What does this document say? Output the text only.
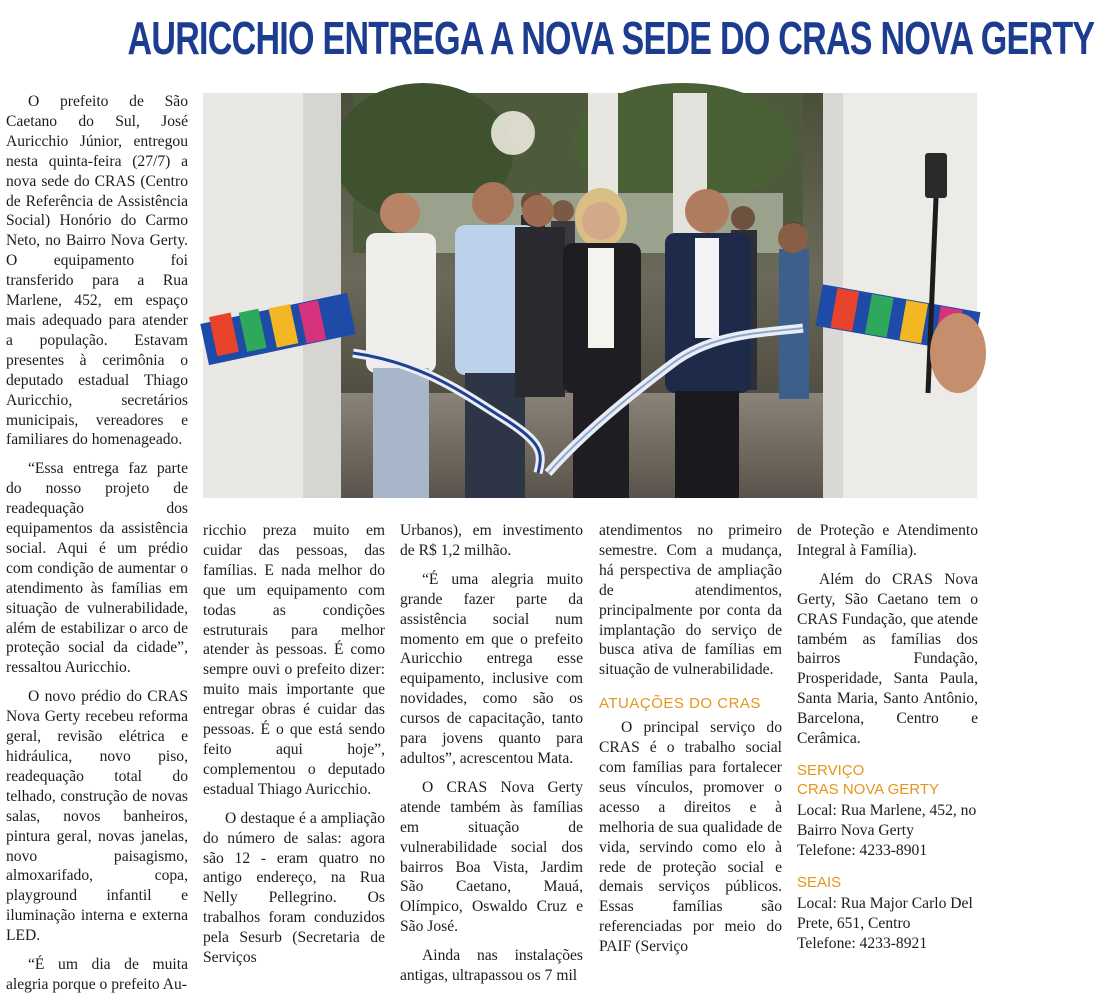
AURICCHIO ENTREGA A NOVA SEDE DO CRAS NOVA GERTY

O prefeito de São Caetano do Sul, José Auricchio Júnior, entregou nesta quinta-feira (27/7) a nova sede do CRAS (Centro de Referência de Assistência Social) Honório do Carmo Neto, no Bairro Nova Gerty. O equipamento foi transferido para a Rua Marlene, 452, em espaço mais adequado para atender a população. Estavam presentes à cerimônia o deputado estadual Thiago Auricchio, secretários municipais, vereadores e familiares do homenageado.

“Essa entrega faz parte do nosso projeto de readequação dos equipamentos da assistência social. Aqui é um prédio com condição de aumentar o atendimento às famílias em situação de vulnerabilidade, além de estabilizar o arco de proteção social da cidade”, ressaltou Auricchio.

O novo prédio do CRAS Nova Gerty recebeu reforma geral, revisão elétrica e hidráulica, novo piso, readequação total do telhado, construção de novas salas, novos banheiros, pintura geral, novas janelas, novo paisagismo, almoxarifado, copa, playground infantil e iluminação interna e externa LED.

“É um dia de muita alegria porque o prefeito Au-

ricchio preza muito em cuidar das pessoas, das famílias. E nada melhor do que um equipamento com todas as condições estruturais para melhor atender às pessoas. É como sempre ouvi o prefeito dizer: muito mais importante que entregar obras é cuidar das pessoas. É o que está sendo feito aqui hoje”, complementou o deputado estadual Thiago Auricchio.

O destaque é a ampliação do número de salas: agora são 12 - eram quatro no antigo endereço, na Rua Nelly Pellegrino. Os trabalhos foram conduzidos pela Sesurb (Secretaria de Serviços

Urbanos), em investimento de R$ 1,2 milhão.

“É uma alegria muito grande fazer parte da assistência social num momento em que o prefeito Auricchio entrega esse equipamento, inclusive com novidades, como são os cursos de capacitação, tanto para jovens quanto para adultos”, acrescentou Mata.

O CRAS Nova Gerty atende também às famílias em situação de vulnerabilidade social dos bairros Boa Vista, Jardim São Caetano, Mauá, Olímpico, Oswaldo Cruz e São José.

Ainda nas instalações antigas, ultrapassou os 7 mil

atendimentos no primeiro semestre. Com a mudança, há perspectiva de ampliação de atendimentos, principalmente por conta da implantação do serviço de busca ativa de famílias em situação de vulnerabilidade.

ATUAÇÕES DO CRAS

O principal serviço do CRAS é o trabalho social com famílias para fortalecer seus vínculos, promover o acesso a direitos e à melhoria de sua qualidade de vida, servindo como elo à rede de proteção social e demais serviços públicos. Essas famílias são referenciadas por meio do PAIF (Serviço

de Proteção e Atendimento Integral à Família).

Além do CRAS Nova Gerty, São Caetano tem o CRAS Fundação, que atende também as famílias dos bairros Fundação, Prosperidade, Santa Paula, Santa Maria, Santo Antônio, Barcelona, Centro e Cerâmica.

SERVIÇO
CRAS NOVA GERTY
Local: Rua Marlene, 452, no Bairro Nova Gerty
Telefone: 4233-8901
SEAIS
Local: Rua Major Carlo Del Prete, 651, Centro
Telefone: 4233-8921
